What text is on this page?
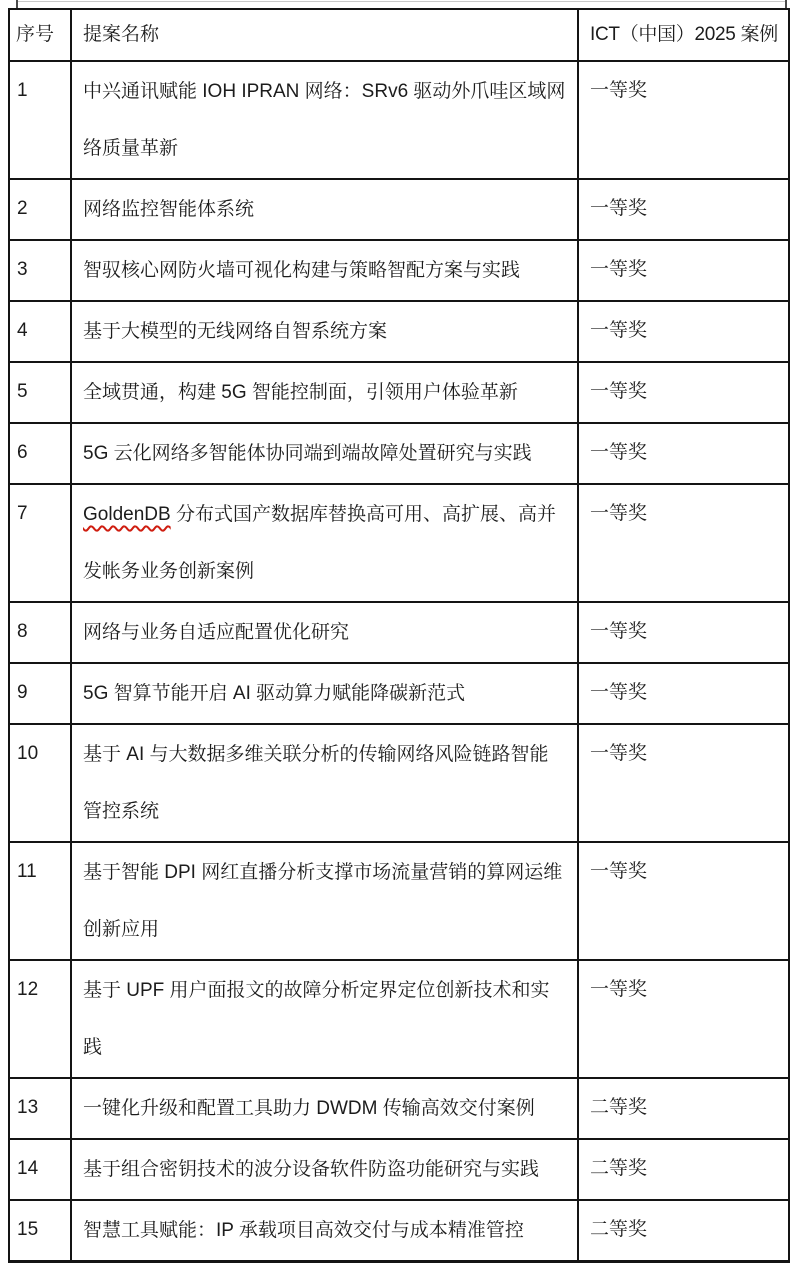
序号	提案名称	ICT（中国）2025 案例
1	中兴通讯赋能 IOH IPRAN 网络：SRv6 驱动外爪哇区域网络质量革新	一等奖
2	网络监控智能体系统	一等奖
3	智驭核心网防火墙可视化构建与策略智配方案与实践	一等奖
4	基于大模型的无线网络自智系统方案	一等奖
5	全域贯通，构建 5G 智能控制面，引领用户体验革新	一等奖
6	5G 云化网络多智能体协同端到端故障处置研究与实践	一等奖
7	GoldenDB 分布式国产数据库替换高可用、高扩展、高并发帐务业务创新案例	一等奖
8	网络与业务自适应配置优化研究	一等奖
9	5G 智算节能开启 AI 驱动算力赋能降碳新范式	一等奖
10	基于 AI 与大数据多维关联分析的传输网络风险链路智能管控系统	一等奖
11	基于智能 DPI 网红直播分析支撑市场流量营销的算网运维创新应用	一等奖
12	基于 UPF 用户面报文的故障分析定界定位创新技术和实践	一等奖
13	一键化升级和配置工具助力 DWDM 传输高效交付案例	二等奖
14	基于组合密钥技术的波分设备软件防盗功能研究与实践	二等奖
15	智慧工具赋能：IP 承载项目高效交付与成本精准管控	二等奖
